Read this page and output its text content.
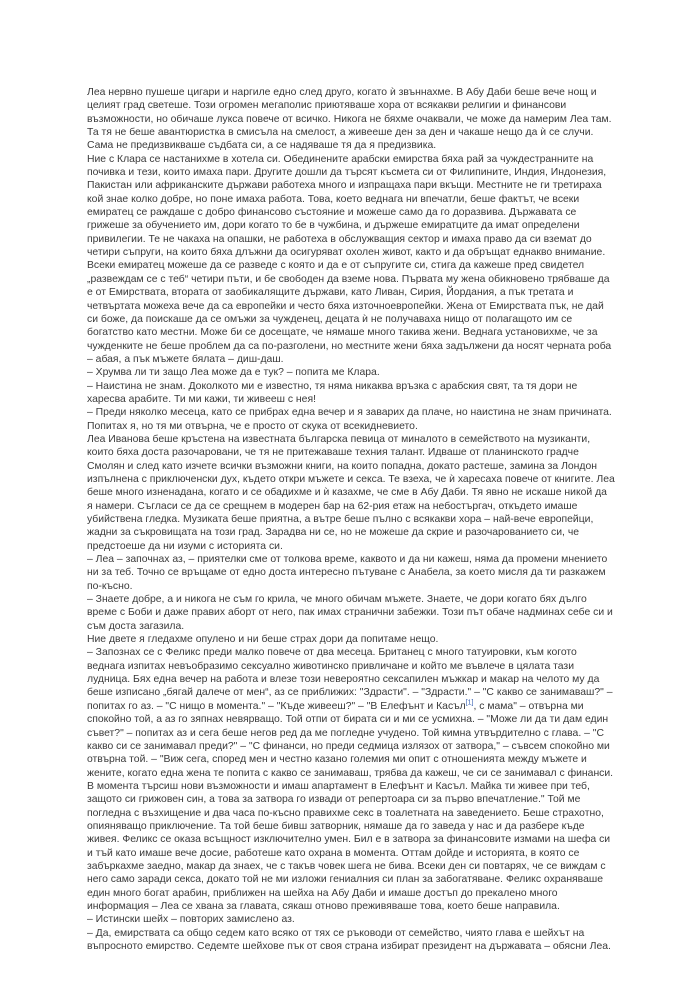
Леа нервно пушеше цигари и наргиле едно след друго, когато ѝ звъннахме. В Абу Даби беше вече нощ и целият град светеше. Този огромен мегаполис приютяваше хора от всякакви религии и финансови възможности, но обичаше лукса повече от всичко. Никога не бяхме очаквали, че може да намерим Леа там. Та тя не беше авантюристка в смисъла на смелост, а живееше ден за ден и чакаше нещо да ѝ се случи. Сама не предизвикваше съдбата си, а се надяваше тя да я предизвика.

Ние с Клара се настанихме в хотела си. Обединените арабски емирства бяха рай за чуждестранните на почивка и тези, които имаха пари. Другите дошли да търсят късмета си от Филипините, Индия, Индонезия, Пакистан или африканските държави работеха много и изпращаха пари вкъщи. Местните не ги третираха кой знае колко добре, но поне имаха работа. Това, което веднага ни впечатли, беше фактът, че всеки емиратец се раждаше с добро финансово състояние и можеше само да го доразвива. Държавата се грижеше за обучението им, дори когато то бе в чужбина, и държеше емиратците да имат определени привилегии. Те не чакаха на опашки, не работеха в обслужващия сектор и имаха право да си вземат до четири съпруги, на които бяха длъжни да осигуряват охолен живот, както и да обръщат еднакво внимание. Всеки емиратец можеше да се разведе с която и да е от съпругите си, стига да кажеше пред свидетел „развеждам се с теб“ четири пъти, и бе свободен да вземе нова. Първата му жена обикновено трябваше да е от Емирствата, втората от заобикалящите държави, като Ливан, Сирия, Йордания, а пък третата и четвъртата можеха вече да са европейки и често бяха източноевропейки. Жена от Емирствата пък, не дай си боже, да поискаше да се омъжи за чужденец, децата ѝ не получаваха нищо от полагащото им се богатство като местни. Може би се досещате, че нямаше много такива жени. Веднага установихме, че за чужденките не беше проблем да са по-разголени, но местните жени бяха задължени да носят черната роба – абая, а пък мъжете бялата – диш-даш.

– Хрумва ли ти защо Леа може да е тук? – попита ме Клара.

– Наистина не знам. Доколкото ми е известно, тя няма никаква връзка с арабския свят, та тя дори не харесва арабите. Ти ми кажи, ти живееш с нея!

– Преди няколко месеца, като се прибрах една вечер и я заварих да плаче, но наистина не знам причината. Попитах я, но тя ми отвърна, че е просто от скука от всекидневието.

Леа Иванова беше кръстена на известната българска певица от миналото в семейството на музиканти, които бяха доста разочаровани, че тя не притежаваше техния талант. Идваше от планинското градче Смолян и след като изчете всички възможни книги, на които попадна, докато растеше, замина за Лондон изпълнена с приключенски дух, където откри мъжете и секса. Те взеха, че ѝ харесаха повече от книгите. Леа беше много изненадана, когато и се обадихме и ѝ казахме, че сме в Абу Даби. Тя явно не искаше никой да я намери. Съгласи се да се срещнем в модерен бар на 62-рия етаж на небостъргач, откъдето имаше убийствена гледка. Музиката беше приятна, а вътре беше пълно с всякакви хора – най-вече европейци, жадни за съкровищата на този град. Зарадва ни се, но не можеше да скрие и разочарованието си, че предстоеше да ни изуми с историята си.

– Леа – започнах аз, – приятелки сме от толкова време, каквото и да ни кажеш, няма да промени мнението ни за теб. Точно се връщаме от едно доста интересно пътуване с Анабела, за което мисля да ти разкажем по-късно.

– Знаете добре, а и никога не съм го крила, че много обичам мъжете. Знаете, че дори когато бях дълго време с Боби и даже правих аборт от него, пак имах странични забежки. Този път обаче надминах себе си и съм доста загазила.

Ние двете я гледахме опулено и ни беше страх дори да попитаме нещо.

– Запознах се с Феликс преди малко повече от два месеца. Британец с много татуировки, към когото веднага изпитах невъобразимо сексуално животинско привличане и който ме въвлече в цялата тази лудница. Бях една вечер на работа и влезе този невероятно сексапилен мъжкар и макар на челото му да беше изписано „бягай далече от мен“, аз се приближих: "Здрасти". – "Здрасти." – "С какво се занимаваш?" – попитах го аз. – "С нищо в момента." – "Къде живееш?" – "В Елефънт и Касъл[1], с мама" – отвърна ми спокойно той, а аз го зяпнах невярващо. Той отпи от бирата си и ми се усмихна. – "Може ли да ти дам един съвет?" – попитах аз и сега беше негов ред да ме погледне учудено. Той кимна утвърдително с глава. – "С какво си се занимавал преди?" – "С финанси, но преди седмица излязох от затвора," – съвсем спокойно ми отвърна той. – "Виж сега, според мен и честно казано големия ми опит с отношенията между мъжете и жените, когато една жена те попита с какво се занимаваш, трябва да кажеш, че си се занимавал с финанси. В момента търсиш нови възможности и имаш апартамент в Елефънт и Касъл. Майка ти живее при теб, защото си грижовен син, а това за затвора го извади от репертоара си за първо впечатление." Той ме погледна с възхищение и два часа по-късно правихме секс в тоалетната на заведението. Беше страхотно, опияняващо приключение. Та той беше бивш затворник, нямаше да го заведа у нас и да разбере къде живея. Феликс се оказа всъщност изключително умен. Бил е в затвора за финансовите измами на шефа си и тъй като имаше вече досие, работеше като охрана в момента. Оттам дойде и историята, в която се забъркахме заедно, макар да знаех, че с такъв човек шега не бива. Всеки ден си повтарях, че се виждам с него само заради секса, докато той не ми изложи гениалния си план за забогатяване. Феликс охраняваше един много богат арабин, приближен на шейха на Абу Даби и имаше достъп до прекалено много информация – Леа се хвана за главата, сякаш отново преживяваше това, което беше направила.

– Истински шейх – повторих замислено аз.

– Да, емирствата са общо седем като всяко от тях се ръководи от семейство, чиято глава е шейхът на въпросното емирство. Седемте шейхове пък от своя страна избират президент на държавата – обясни Леа.
